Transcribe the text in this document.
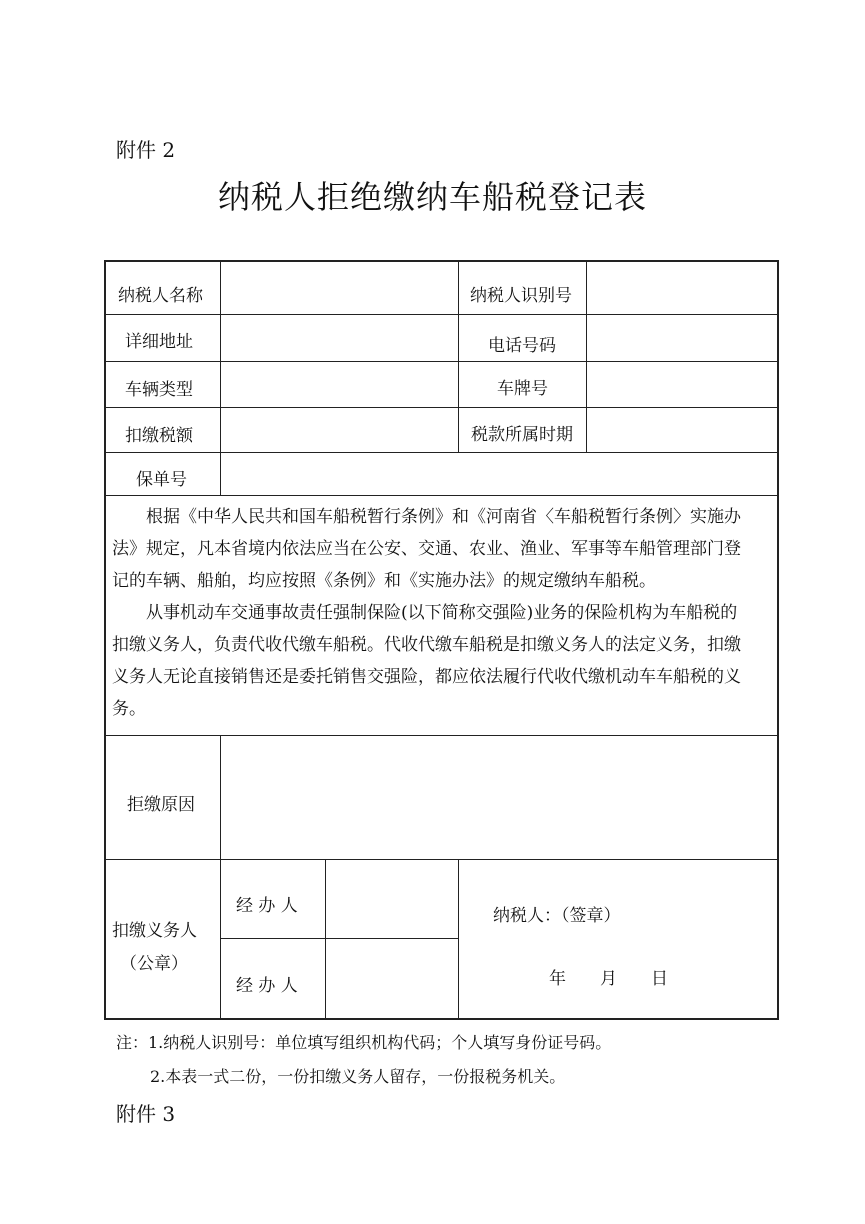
附件 2
纳税人拒绝缴纳车船税登记表
纳税人名称	纳税人识别号
详细地址	电话号码
车辆类型	车牌号
扣缴税额	税款所属时期
保单号
根据《中华人民共和国车船税暂行条例》和《河南省〈车船税暂行条例〉实施办
法》规定，凡本省境内依法应当在公安、交通、农业、渔业、军事等车船管理部门登
记的车辆、船舶，均应按照《条例》和《实施办法》的规定缴纳车船税。
从事机动车交通事故责任强制保险(以下简称交强险)业务的保险机构为车船税的
扣缴义务人，负责代收代缴车船税。代收代缴车船税是扣缴义务人的法定义务，扣缴
义务人无论直接销售还是委托销售交强险，都应依法履行代收代缴机动车车船税的义
务。
拒缴原因
扣缴义务人
（公章）
经 办 人
经 办 人
纳税人：（签章）
年　　月　　日
注：1.纳税人识别号：单位填写组织机构代码；个人填写身份证号码。
2.本表一式二份，一份扣缴义务人留存，一份报税务机关。
附件 3
